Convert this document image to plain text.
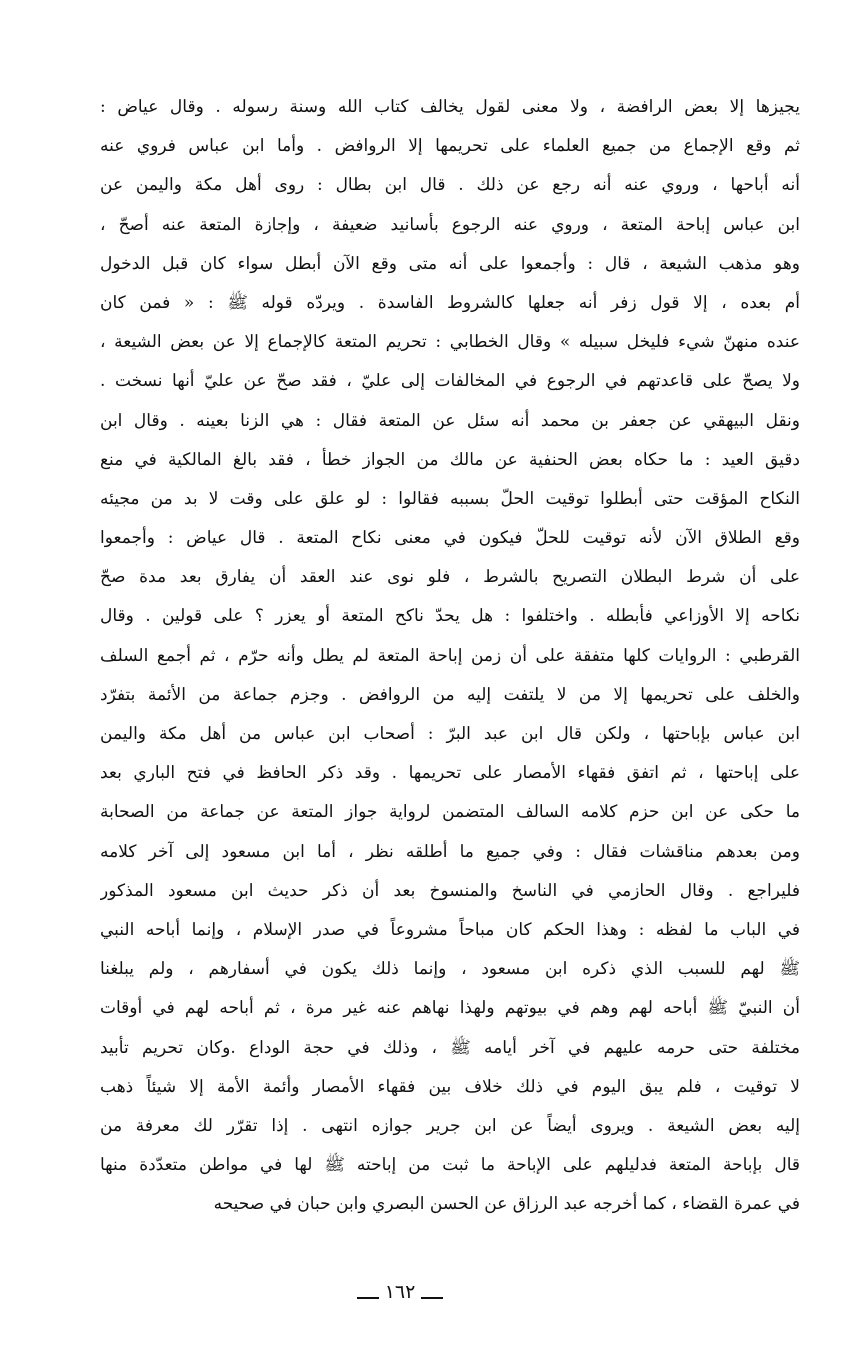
يجيزها إلا بعض الرافضة ، ولا معنى لقول يخالف كتاب الله وسنة رسوله . وقال عياض :
ثم وقع الإجماع من جميع العلماء على تحريمها إلا الروافض . وأما ابن عباس فروي عنه
أنه أباحها ، وروي عنه أنه رجع عن ذلك . قال ابن بطال : روى أهل مكة واليمن عن
ابن عباس إباحة المتعة ، وروي عنه الرجوع بأسانيد ضعيفة ، وإجازة المتعة عنه أصحّ ،
وهو مذهب الشيعة ، قال : وأجمعوا على أنه متى وقع الآن أبطل سواء كان قبل الدخول
أم بعده ، إلا قول زفر أنه جعلها كالشروط الفاسدة . ويردّه قوله ﷺ : « فمن كان
عنده منهنّ شيء فليخل سبيله » وقال الخطابي : تحريم المتعة كالإجماع إلا عن بعض الشيعة ،
ولا يصحّ على قاعدتهم في الرجوع في المخالفات إلى عليّ ، فقد صحّ عن عليّ أنها نسخت .
ونقل البيهقي عن جعفر بن محمد أنه سئل عن المتعة فقال : هي الزنا بعينه . وقال ابن
دقيق العيد : ما حكاه بعض الحنفية عن مالك من الجواز خطأ ، فقد بالغ المالكية في منع
النكاح المؤقت حتى أبطلوا توقيت الحلّ بسببه فقالوا : لو علق على وقت لا بد من مجيئه
وقع الطلاق الآن لأنه توقيت للحلّ فيكون في معنى نكاح المتعة . قال عياض : وأجمعوا
على أن شرط البطلان التصريح بالشرط ، فلو نوى عند العقد أن يفارق بعد مدة صحّ
نكاحه إلا الأوزاعي فأبطله . واختلفوا : هل يحدّ ناكح المتعة أو يعزر ؟ على قولين . وقال
القرطبي : الروايات كلها متفقة على أن زمن إباحة المتعة لم يطل وأنه حرّم ، ثم أجمع السلف
والخلف على تحريمها إلا من لا يلتفت إليه من الروافض . وجزم جماعة من الأئمة بتفرّد
ابن عباس بإباحتها ، ولكن قال ابن عبد البرّ : أصحاب ابن عباس من أهل مكة واليمن
على إباحتها ، ثم اتفق فقهاء الأمصار على تحريمها . وقد ذكر الحافظ في فتح الباري بعد
ما حكى عن ابن حزم كلامه السالف المتضمن لرواية جواز المتعة عن جماعة من الصحابة
ومن بعدهم مناقشات فقال : وفي جميع ما أطلقه نظر ، أما ابن مسعود إلى آخر كلامه
فليراجع . وقال الحازمي في الناسخ والمنسوخ بعد أن ذكر حديث ابن مسعود المذكور
في الباب ما لفظه : وهذا الحكم كان مباحاً مشروعاً في صدر الإسلام ، وإنما أباحه النبي
ﷺ لهم للسبب الذي ذكره ابن مسعود ، وإنما ذلك يكون في أسفارهم ، ولم يبلغنا
أن النبيّ ﷺ أباحه لهم وهم في بيوتهم ولهذا نهاهم عنه غير مرة ، ثم أباحه لهم في أوقات
مختلفة حتى حرمه عليهم في آخر أيامه ﷺ ، وذلك في حجة الوداع .وكان تحريم تأبيد
لا توقيت ، فلم يبق اليوم في ذلك خلاف بين فقهاء الأمصار وأئمة الأمة إلا شيئاً ذهب
إليه بعض الشيعة . ويروى أيضاً عن ابن جرير جوازه انتهى . إذا تقرّر لك معرفة من
قال بإباحة المتعة فدليلهم على الإباحة ما ثبت من إباحته ﷺ لها في مواطن متعدّدة منها
في عمرة القضاء ، كما أخرجه عبد الرزاق عن الحسن البصري وابن حبان في صحيحه
١٦٢
